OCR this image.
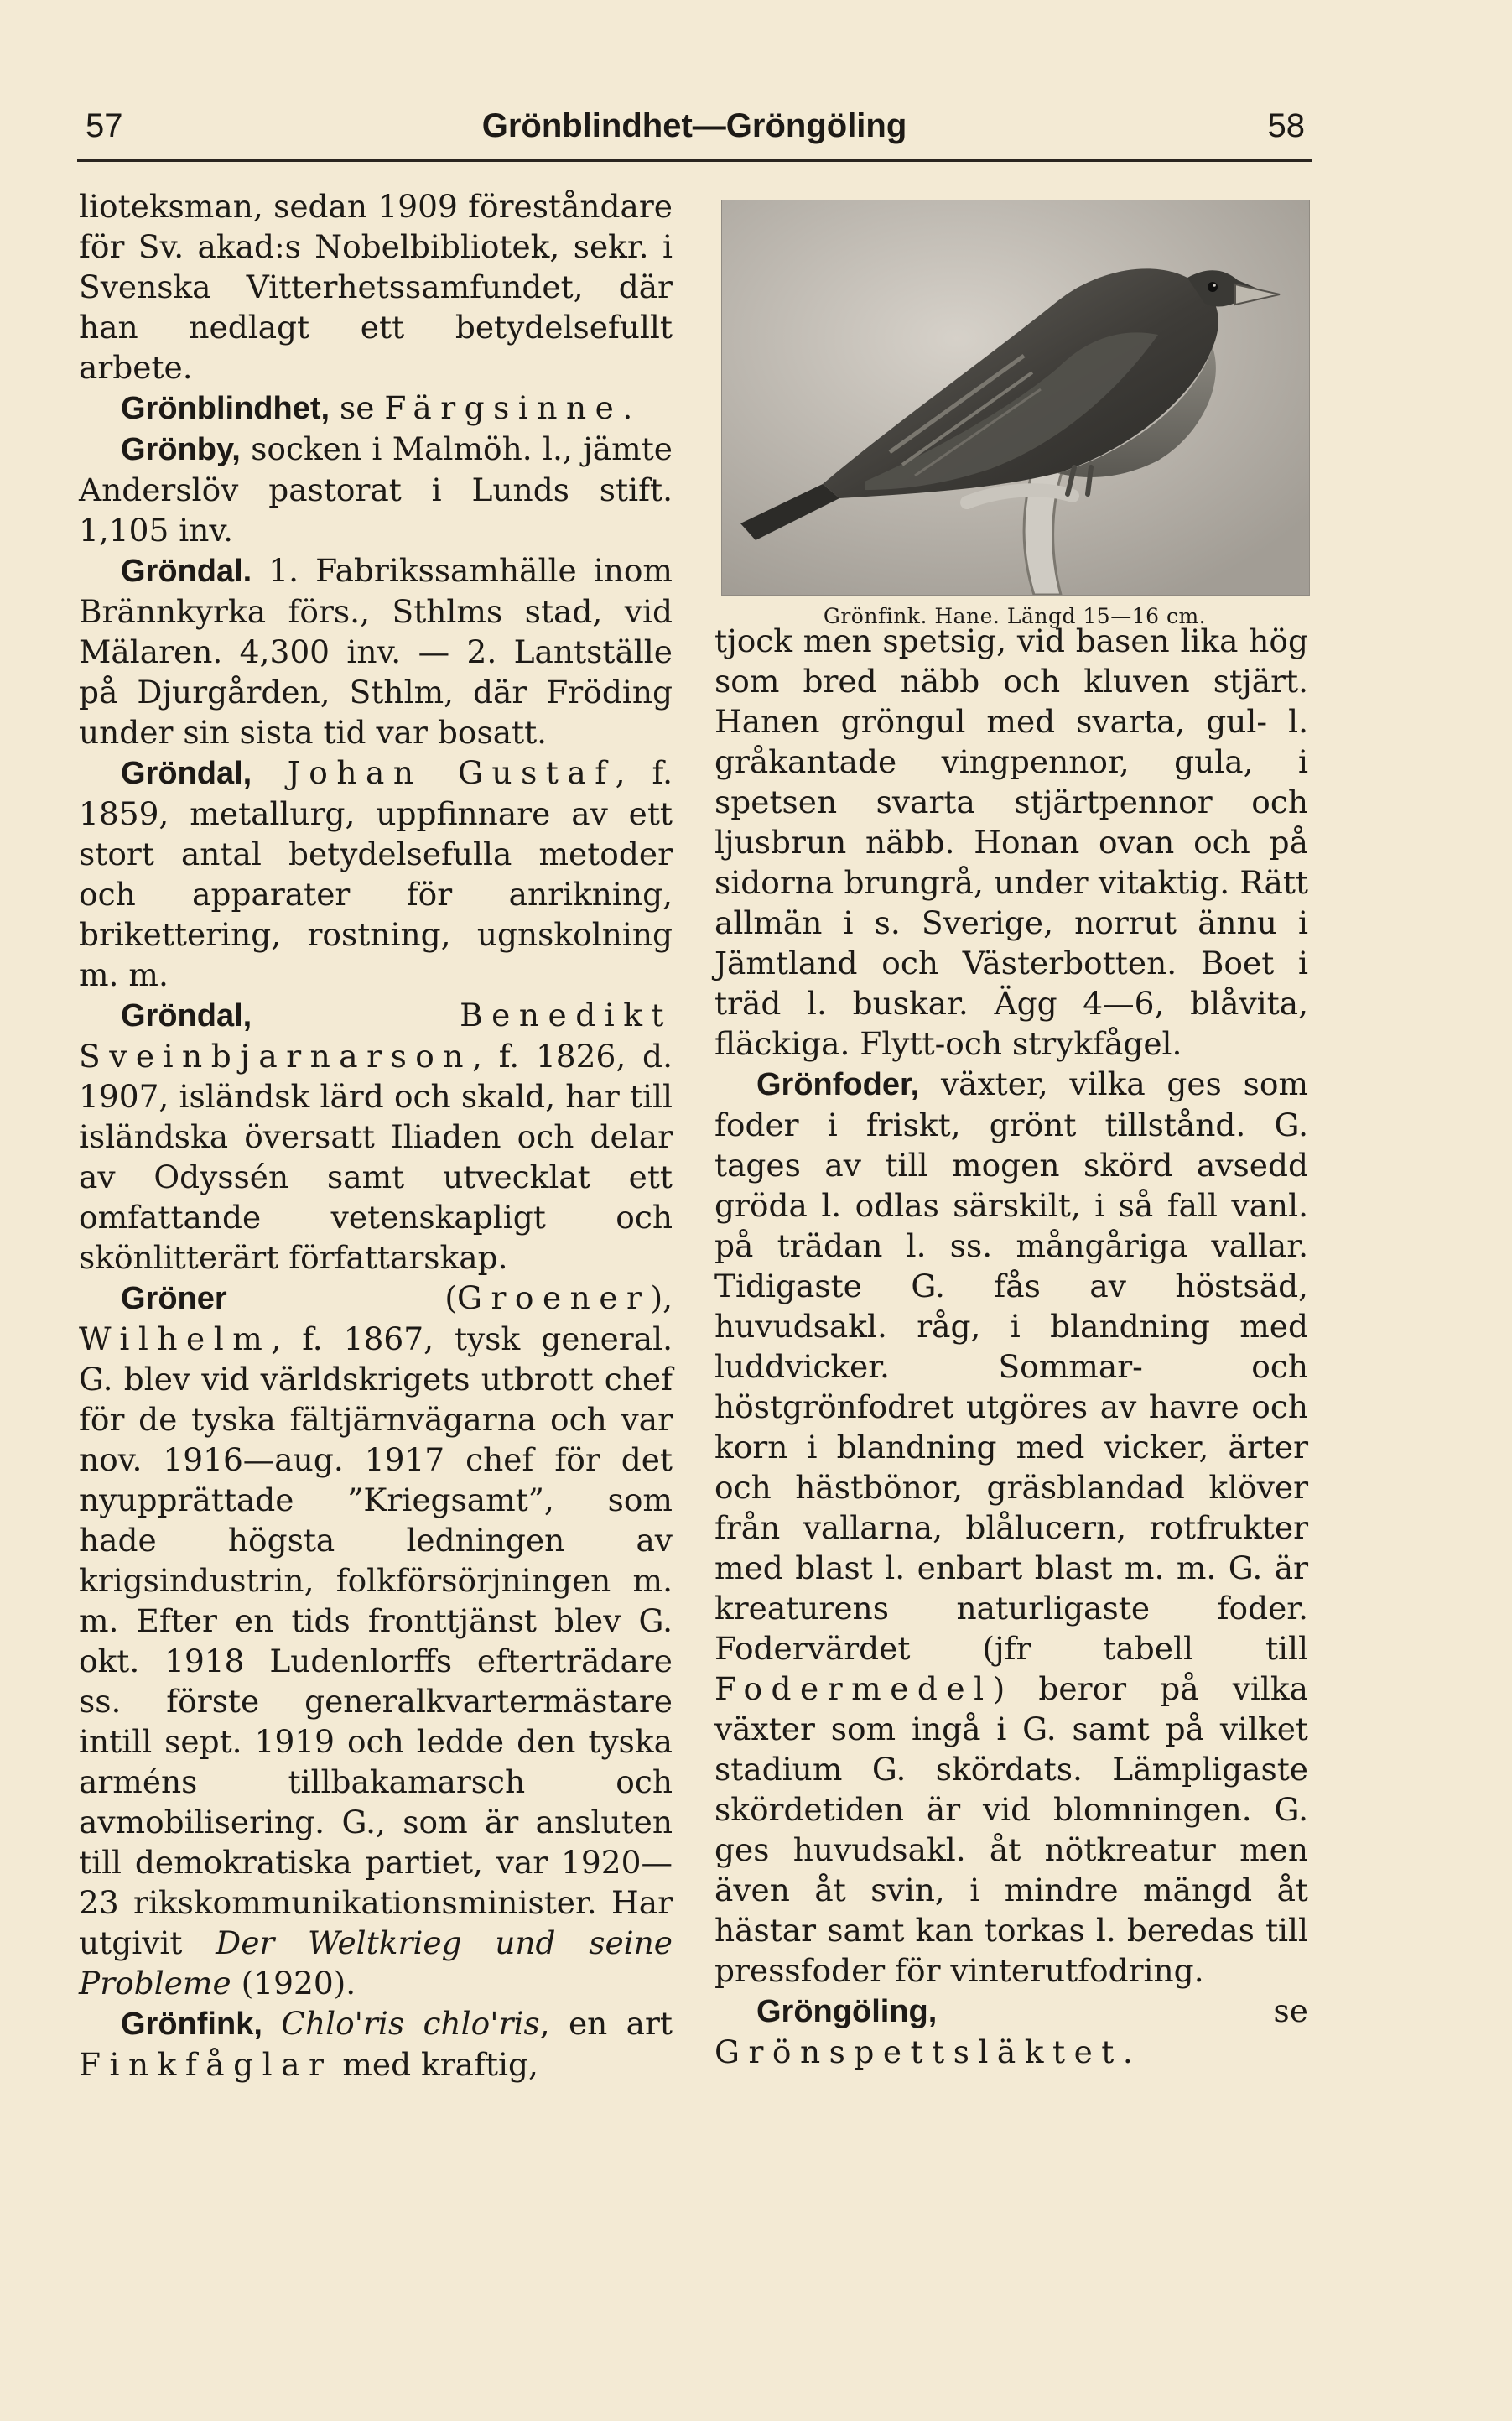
57	Grönblindhet—Gröngöling	58

lioteksman, sedan 1909 föreståndare för Sv. akad:s Nobelbibliotek, sekr. i Svenska Vitterhetssamfundet, där han nedlagt ett betydelsefullt arbete.

Grönblindhet, se Färgsinne.

Grönby, socken i Malmöh. l., jämte Anderslöv pastorat i Lunds stift. 1,105 inv.

Gröndal. 1. Fabrikssamhälle inom Brännkyrka förs., Sthlms stad, vid Mälaren. 4,300 inv. — 2. Lantställe på Djurgården, Sthlm, där Fröding under sin sista tid var bosatt.

Gröndal, Johan Gustaf, f. 1859, metallurg, uppfinnare av ett stort antal betydelsefulla metoder och apparater för anrikning, brikettering, rostning, ugnskolning m. m.

Gröndal, Benedikt Sveinbjarnarson, f. 1826, d. 1907, isländsk lärd och skald, har till isländska översatt Iliaden och delar av Odyssén samt utvecklat ett omfattande vetenskapligt och skönlitterärt författarskap.

Gröner (Groener), Wilhelm, f. 1867, tysk general. G. blev vid världskrigets utbrott chef för de tyska fältjärnvägarna och var nov. 1916—aug. 1917 chef för det nyupprättade ”Kriegsamt”, som hade högsta ledningen av krigsindustrin, folkförsörjningen m. m. Efter en tids fronttjänst blev G. okt. 1918 Ludenlorffs efterträdare ss. förste generalkvartermästare intill sept. 1919 och ledde den tyska arméns tillbakamarsch och avmobilisering. G., som är ansluten till demokratiska partiet, var 1920—23 rikskommunikationsminister. Har utgivit Der Weltkrieg und seine Probleme (1920).

Grönfink, Chlo'ris chlo'ris, en art Finkfåglar med kraftig,

Grönfink. Hane. Längd 15—16 cm.

tjock men spetsig, vid basen lika hög som bred näbb och kluven stjärt. Hanen gröngul med svarta, gul- l. gråkantade vingpennor, gula, i spetsen svarta stjärtpennor och ljusbrun näbb. Honan ovan och på sidorna brungrå, under vitaktig. Rätt allmän i s. Sverige, norrut ännu i Jämtland och Västerbotten. Boet i träd l. buskar. Ägg 4—6, blåvita, fläckiga. Flytt-och strykfågel.

Grönfoder, växter, vilka ges som foder i friskt, grönt tillstånd. G. tages av till mogen skörd avsedd gröda l. odlas särskilt, i så fall vanl. på trädan l. ss. mångåriga vallar. Tidigaste G. fås av höstsäd, huvudsakl. råg, i blandning med luddvicker. Sommar- och höstgrönfodret utgöres av havre och korn i blandning med vicker, ärter och hästbönor, gräsblandad klöver från vallarna, blålucern, rotfrukter med blast l. enbart blast m. m. G. är kreaturens naturligaste foder. Fodervärdet (jfr tabell till Fodermedel) beror på vilka växter som ingå i G. samt på vilket stadium G. skördats. Lämpligaste skördetiden är vid blomningen. G. ges huvudsakl. åt nötkreatur men även åt svin, i mindre mängd åt hästar samt kan torkas l. beredas till pressfoder för vinterutfodring.

Gröngöling, se Grönspettsläktet.
